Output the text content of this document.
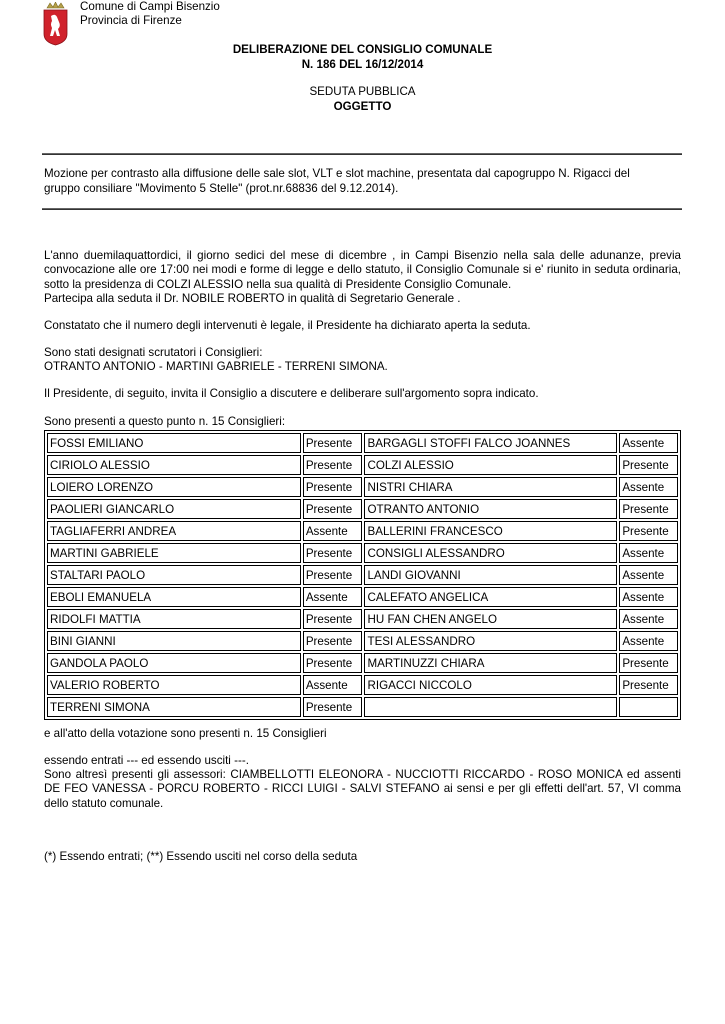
Comune di Campi Bisenzio
Provincia di Firenze
DELIBERAZIONE DEL CONSIGLIO COMUNALE
N. 186 DEL 16/12/2014
SEDUTA PUBBLICA
OGGETTO
Mozione per contrasto alla diffusione delle sale slot, VLT e slot machine, presentata dal capogruppo N. Rigacci del
gruppo consiliare "Movimento 5 Stelle" (prot.nr.68836 del 9.12.2014).
L'anno duemilaquattordici, il giorno sedici del mese di dicembre , in Campi Bisenzio nella sala delle adunanze, previa convocazione alle ore 17:00 nei modi e forme di legge e dello statuto, il Consiglio Comunale si e' riunito in seduta ordinaria, sotto la presidenza di COLZI ALESSIO nella sua qualità di Presidente Consiglio Comunale.
Partecipa alla seduta il Dr. NOBILE ROBERTO in qualità di Segretario Generale .
Constatato che il numero degli intervenuti è legale, il Presidente ha dichiarato aperta la seduta.
Sono stati designati scrutatori i Consiglieri:
OTRANTO ANTONIO - MARTINI GABRIELE - TERRENI SIMONA.
Il Presidente, di seguito, invita il Consiglio a discutere e deliberare sull'argomento sopra indicato.
Sono presenti a questo punto n. 15 Consiglieri:
FOSSI EMILIANO	Presente	BARGAGLI STOFFI FALCO JOANNES	Assente
CIRIOLO ALESSIO	Presente	COLZI ALESSIO	Presente
LOIERO LORENZO	Presente	NISTRI CHIARA	Assente
PAOLIERI GIANCARLO	Presente	OTRANTO ANTONIO	Presente
TAGLIAFERRI ANDREA	Assente	BALLERINI FRANCESCO	Presente
MARTINI GABRIELE	Presente	CONSIGLI ALESSANDRO	Assente
STALTARI PAOLO	Presente	LANDI GIOVANNI	Assente
EBOLI EMANUELA	Assente	CALEFATO ANGELICA	Assente
RIDOLFI MATTIA	Presente	HU FAN CHEN ANGELO	Assente
BINI GIANNI	Presente	TESI ALESSANDRO	Assente
GANDOLA PAOLO	Presente	MARTINUZZI CHIARA	Presente
VALERIO ROBERTO	Assente	RIGACCI NICCOLO	Presente
TERRENI SIMONA	Presente		
e all'atto della votazione sono presenti n. 15 Consiglieri
essendo entrati --- ed essendo usciti ---.
Sono altresì presenti gli assessori: CIAMBELLOTTI ELEONORA - NUCCIOTTI RICCARDO - ROSO MONICA ed assenti DE FEO VANESSA - PORCU ROBERTO - RICCI LUIGI - SALVI STEFANO ai sensi e per gli effetti dell'art. 57, VI comma dello statuto comunale.
(*) Essendo entrati; (**) Essendo usciti nel corso della seduta
